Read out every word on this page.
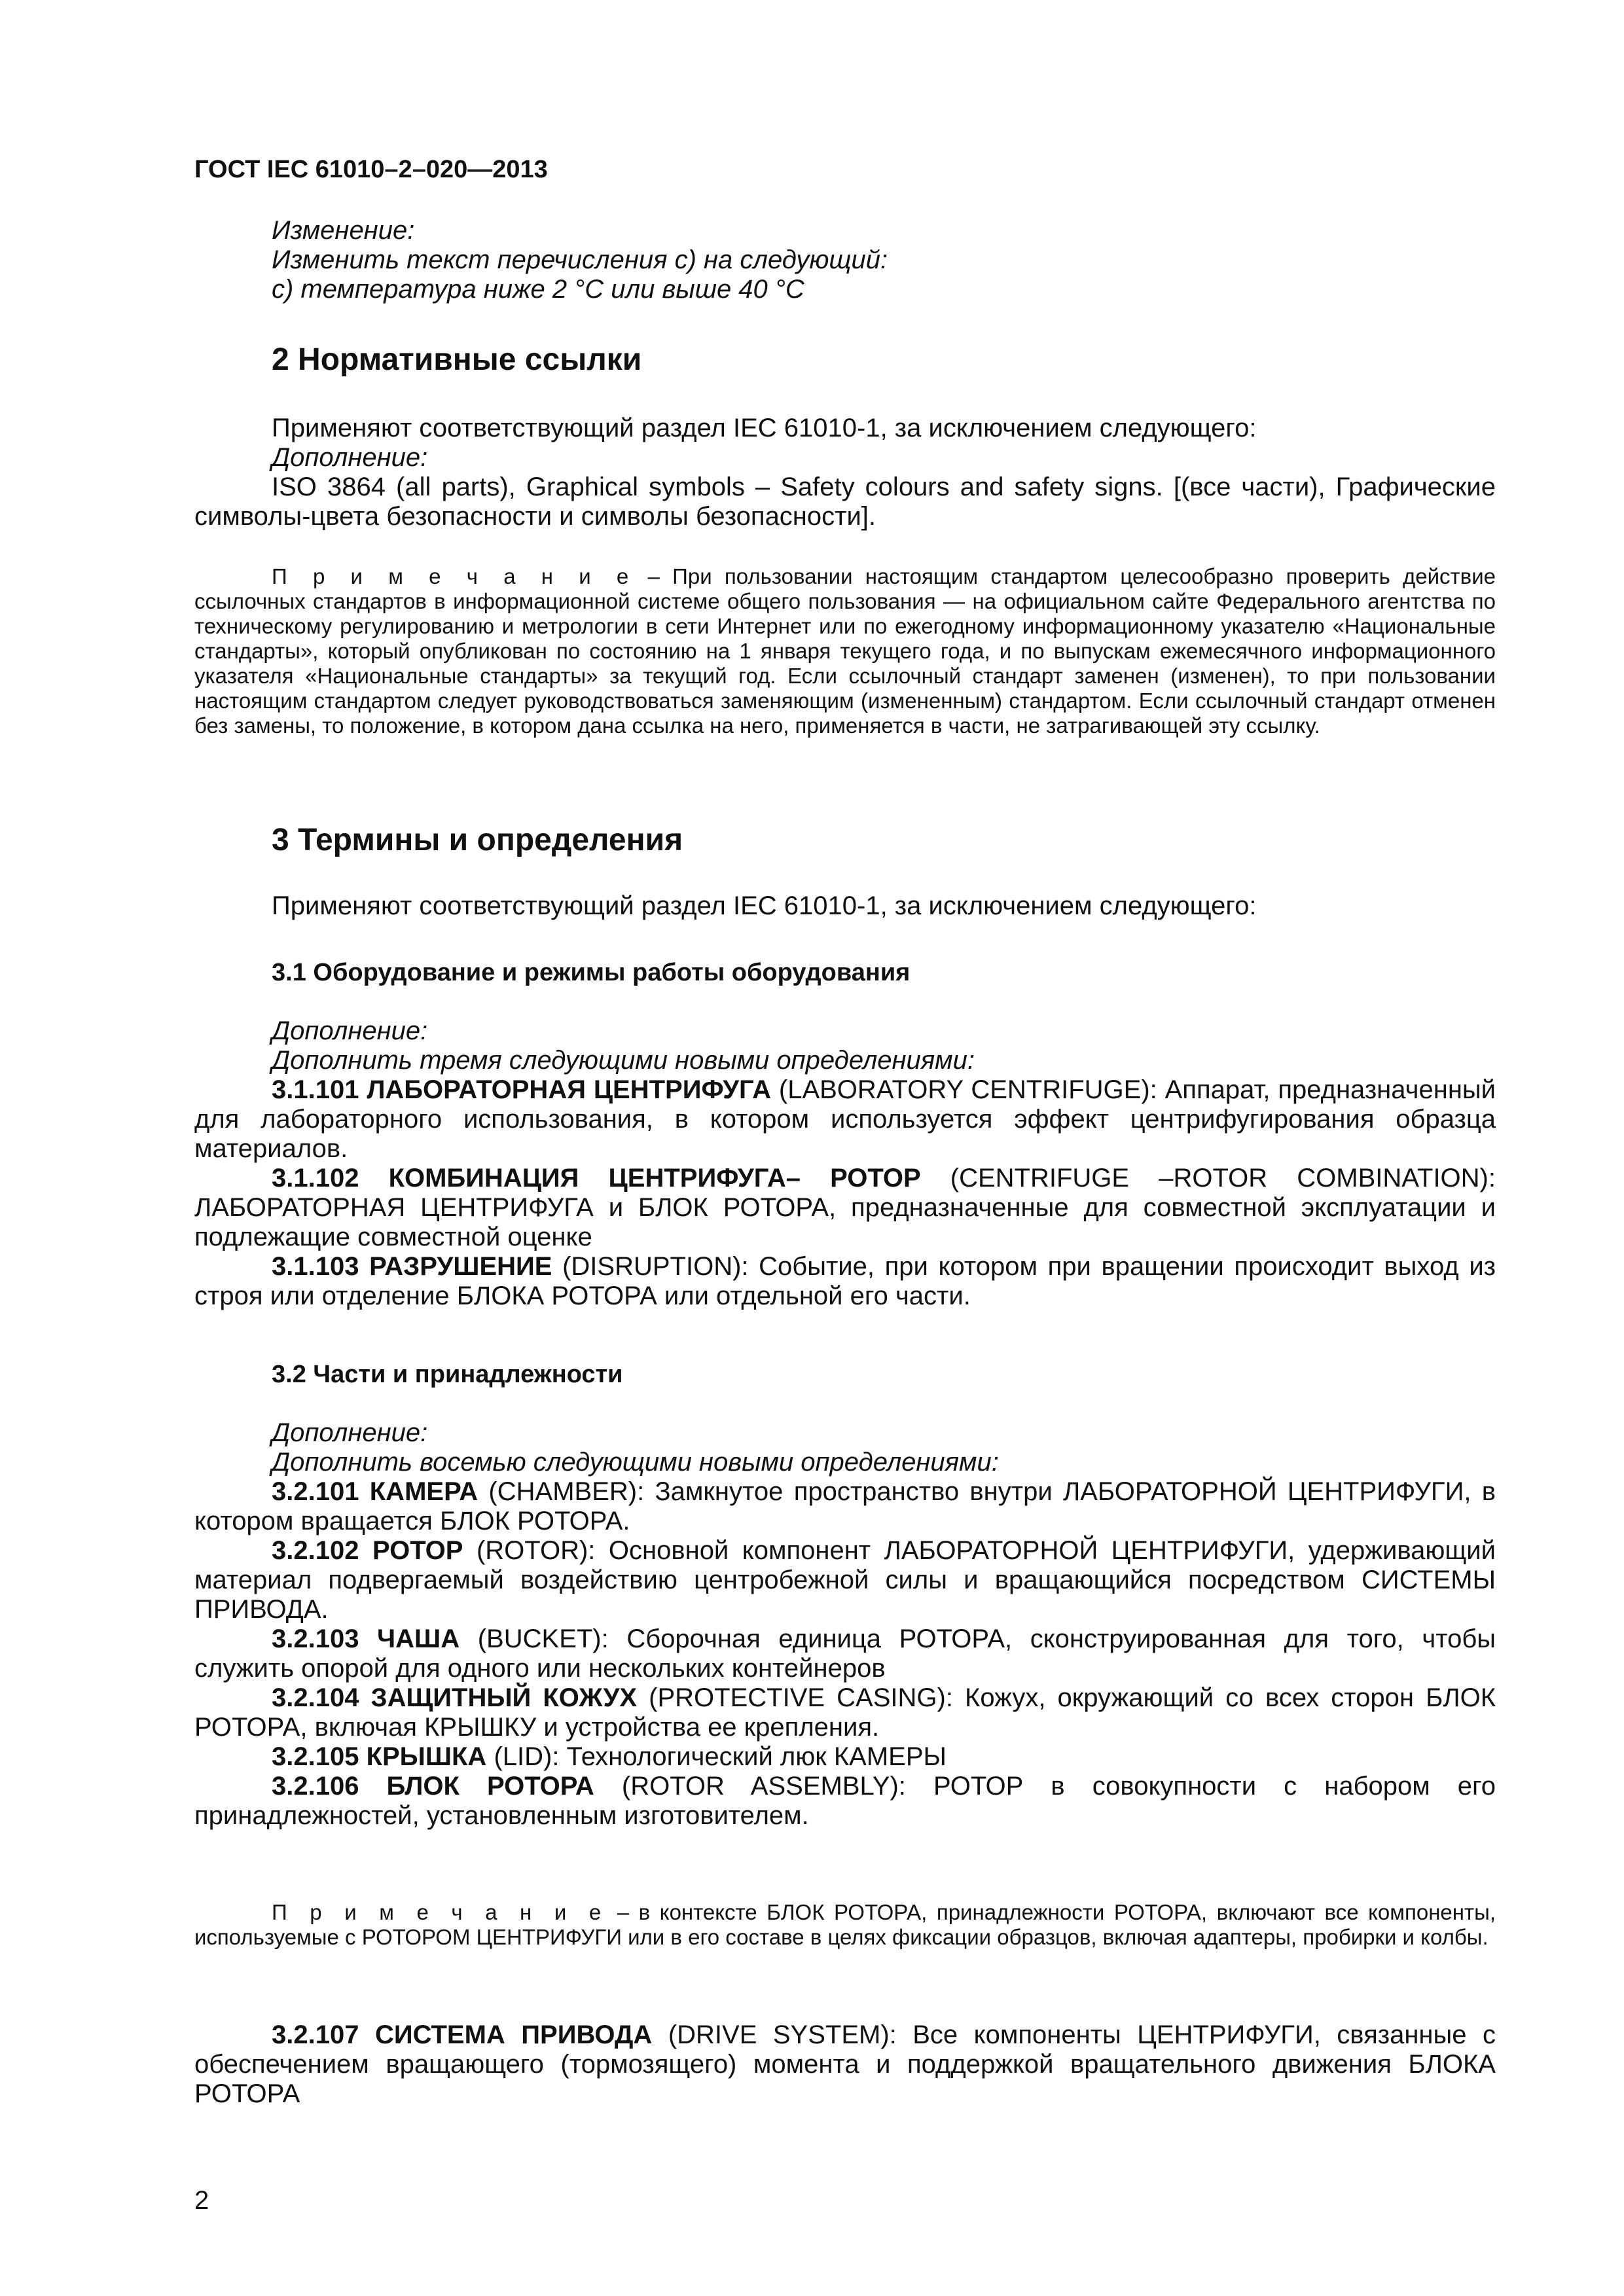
ГОСТ IEC 61010–2–020—2013

Изменение:

Изменить текст перечисления с) на следующий:

с) температура ниже 2 °С или выше 40 °С

2 Нормативные ссылки

Применяют соответствующий раздел IEC 61010-1, за исключением следующего:

Дополнение:

ISO 3864 (all parts), Graphical symbols – Safety colours and safety signs. [(все части), Графические символы-цвета безопасности и символы безопасности].

П р и м е ч а н и е – При пользовании настоящим стандартом целесообразно проверить действие ссылочных стандартов в информационной системе общего пользования — на официальном сайте Федерального агентства по техническому регулированию и метрологии в сети Интернет или по ежегодному информационному указателю «Национальные стандарты», который опубликован по состоянию на 1 января текущего года, и по выпускам ежемесячного информационного указателя «Национальные стандарты» за текущий год. Если ссылочный стандарт заменен (изменен), то при пользовании настоящим стандартом следует руководствоваться заменяющим (измененным) стандартом. Если ссылочный стандарт отменен без замены, то положение, в котором дана ссылка на него, применяется в части, не затрагивающей эту ссылку.

3 Термины и определения

Применяют соответствующий раздел IEC 61010-1, за исключением следующего:

3.1 Оборудование и режимы работы оборудования

Дополнение:

Дополнить тремя следующими новыми определениями:

3.1.101 ЛАБОРАТОРНАЯ ЦЕНТРИФУГА (LABORATORY CENTRIFUGE): Аппарат, предназначенный для лабораторного использования, в котором используется эффект центрифугирования образца материалов.

3.1.102 КОМБИНАЦИЯ ЦЕНТРИФУГА– РОТОР (CENTRIFUGE –ROTOR COMBINATION): ЛАБОРАТОРНАЯ ЦЕНТРИФУГА и БЛОК РОТОРА, предназначенные для совместной эксплуатации и подлежащие совместной оценке

3.1.103 РАЗРУШЕНИЕ (DISRUPTION): Событие, при котором при вращении происходит выход из строя или отделение БЛОКА РОТОРА или отдельной его части.

3.2 Части и принадлежности

Дополнение:

Дополнить восемью следующими новыми определениями:

3.2.101 КАМЕРА (CHAMBER): Замкнутое пространство внутри ЛАБОРАТОРНОЙ ЦЕНТРИФУГИ, в котором вращается БЛОК РОТОРА.

3.2.102 РОТОР (ROTOR): Основной компонент ЛАБОРАТОРНОЙ ЦЕНТРИФУГИ, удерживающий материал подвергаемый воздействию центробежной силы и вращающийся посредством СИСТЕМЫ ПРИВОДА.

3.2.103 ЧАША (BUCKET): Сборочная единица РОТОРА, сконструированная для того, чтобы служить опорой для одного или нескольких контейнеров

3.2.104 ЗАЩИТНЫЙ КОЖУХ (PROTECTIVE CASING): Кожух, окружающий со всех сторон БЛОК РОТОРА, включая КРЫШКУ и устройства ее крепления.

3.2.105 КРЫШКА (LID): Технологический люк КАМЕРЫ

3.2.106 БЛОК РОТОРА (ROTOR ASSEMBLY): РОТОР в совокупности с набором его принадлежностей, установленным изготовителем.

П р и м е ч а н и е – в контексте БЛОК РОТОРА, принадлежности РОТОРА, включают все компоненты, используемые с РОТОРОМ ЦЕНТРИФУГИ или в его составе в целях фиксации образцов, включая адаптеры, пробирки и колбы.

3.2.107 СИСТЕМА ПРИВОДА (DRIVE SYSTEM): Все компоненты ЦЕНТРИФУГИ, связанные с обеспечением вращающего (тормозящего) момента и поддержкой вращательного движения БЛОКА РОТОРА

2
